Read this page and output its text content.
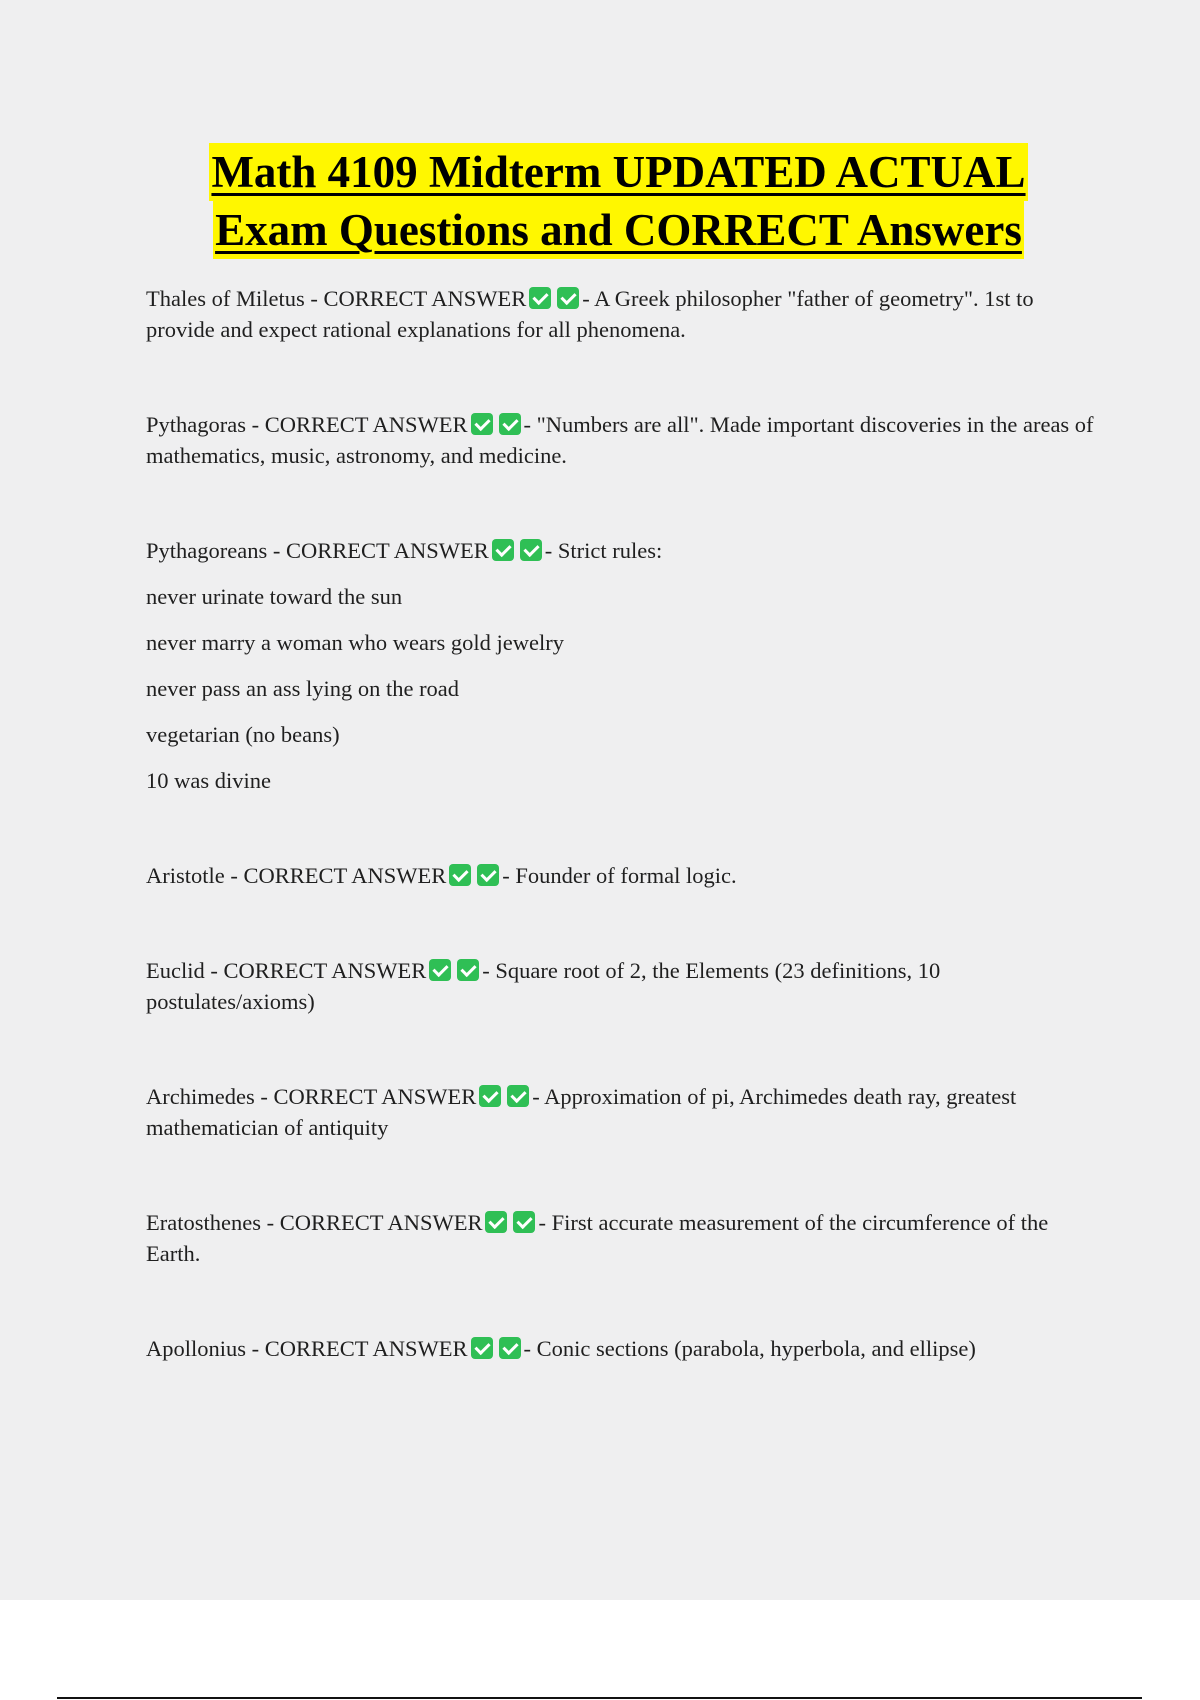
Math 4109 Midterm UPDATED ACTUAL
Exam Questions and CORRECT Answers

Thales of Miletus - CORRECT ANSWER - A Greek philosopher "father of geometry". 1st to provide and expect rational explanations for all phenomena.

Pythagoras - CORRECT ANSWER - "Numbers are all". Made important discoveries in the areas of mathematics, music, astronomy, and medicine.

Pythagoreans - CORRECT ANSWER - Strict rules:

never urinate toward the sun

never marry a woman who wears gold jewelry

never pass an ass lying on the road

vegetarian (no beans)

10 was divine

Aristotle - CORRECT ANSWER - Founder of formal logic.

Euclid - CORRECT ANSWER - Square root of 2, the Elements (23 definitions, 10 postulates/axioms)

Archimedes - CORRECT ANSWER - Approximation of pi, Archimedes death ray, greatest mathematician of antiquity

Eratosthenes - CORRECT ANSWER - First accurate measurement of the circumference of the Earth.

Apollonius - CORRECT ANSWER - Conic sections (parabola, hyperbola, and ellipse)
